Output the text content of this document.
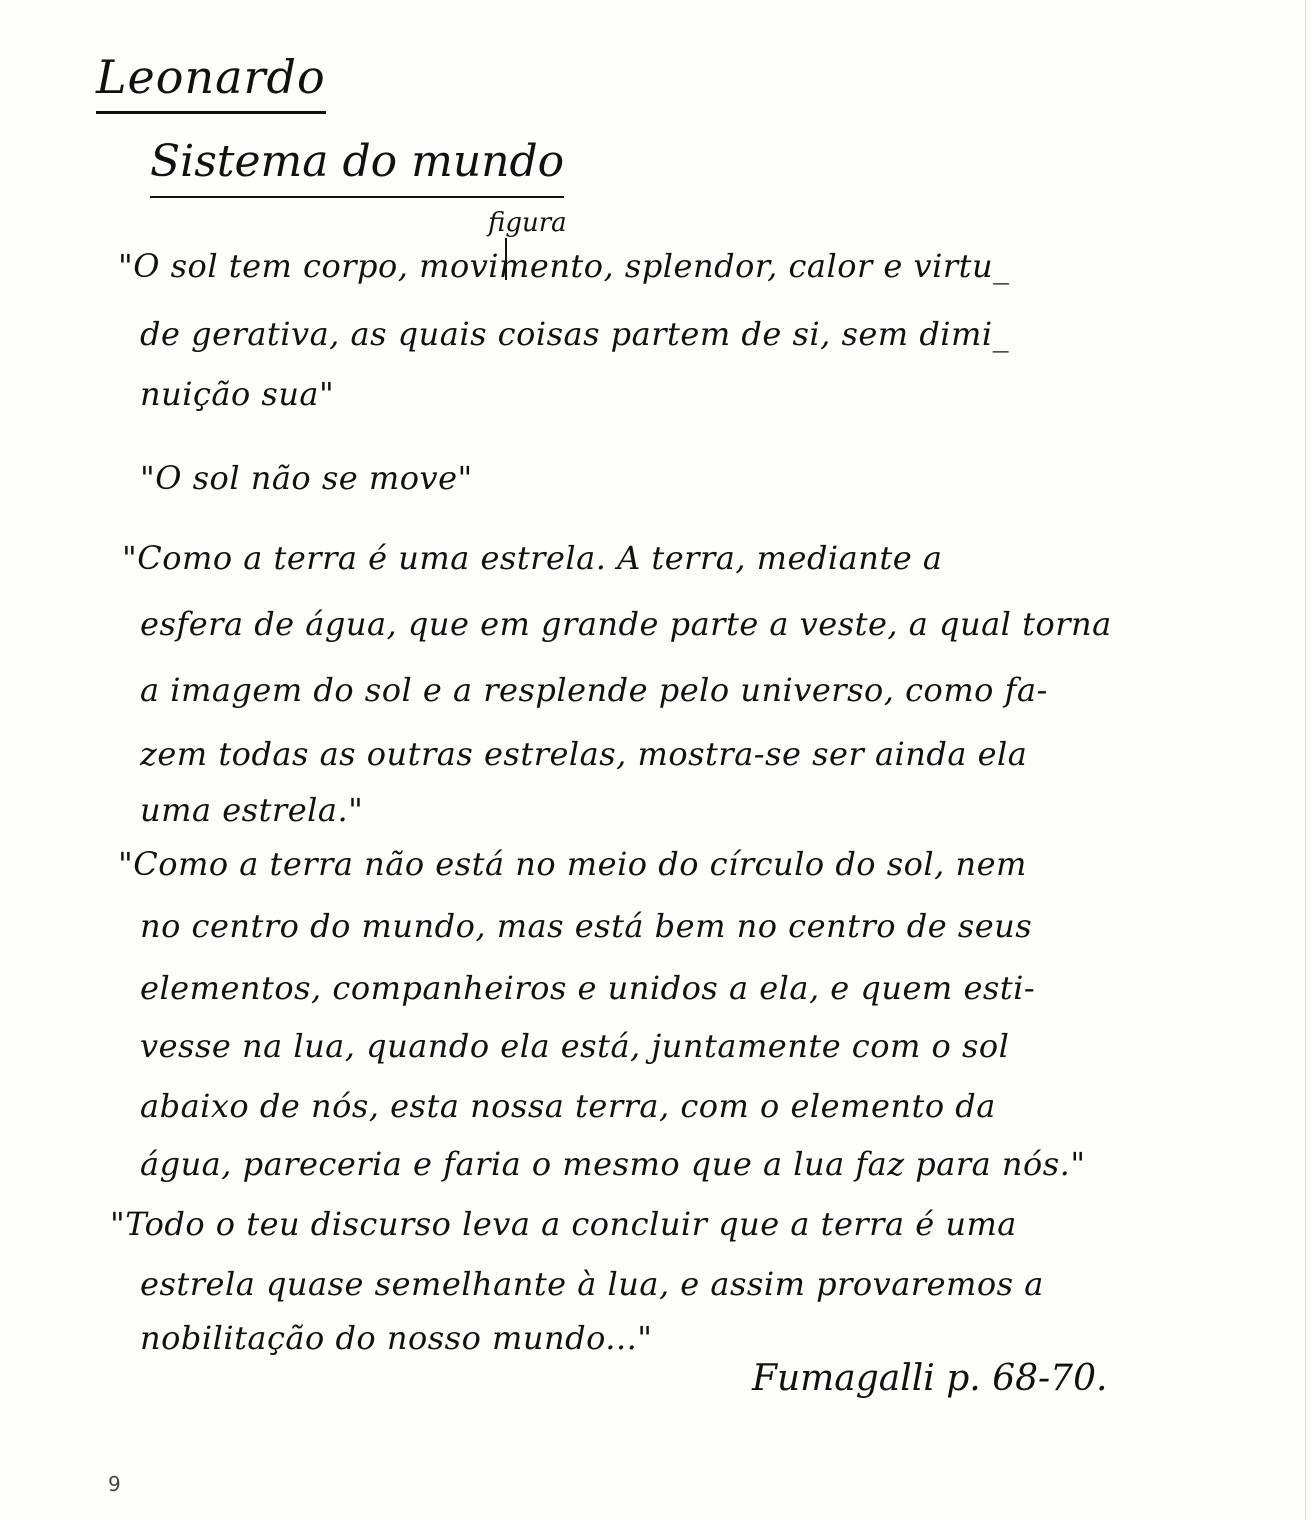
Leonardo
Sistema do mundo
figura
"O sol tem corpo, movimento, splendor, calor e virtu_
de gerativa, as quais coisas partem de si, sem dimi_
nuição sua"
"O sol não se move"
"Como a terra é uma estrela. A terra, mediante a
esfera de água, que em grande parte a veste, a qual torna
a imagem do sol e a resplende pelo universo, como fa-
zem todas as outras estrelas, mostra-se ser ainda ela
uma estrela."
"Como a terra não está no meio do círculo do sol, nem
no centro do mundo, mas está bem no centro de seus
elementos, companheiros e unidos a ela, e quem esti-
vesse na lua, quando ela está, juntamente com o sol
abaixo de nós, esta nossa terra, com o elemento da
água, pareceria e faria o mesmo que a lua faz para nós."
"Todo o teu discurso leva a concluir que a terra é uma
estrela quase semelhante à lua, e assim provaremos a
nobilitação do nosso mundo..."
Fumagalli p. 68-70.
9
